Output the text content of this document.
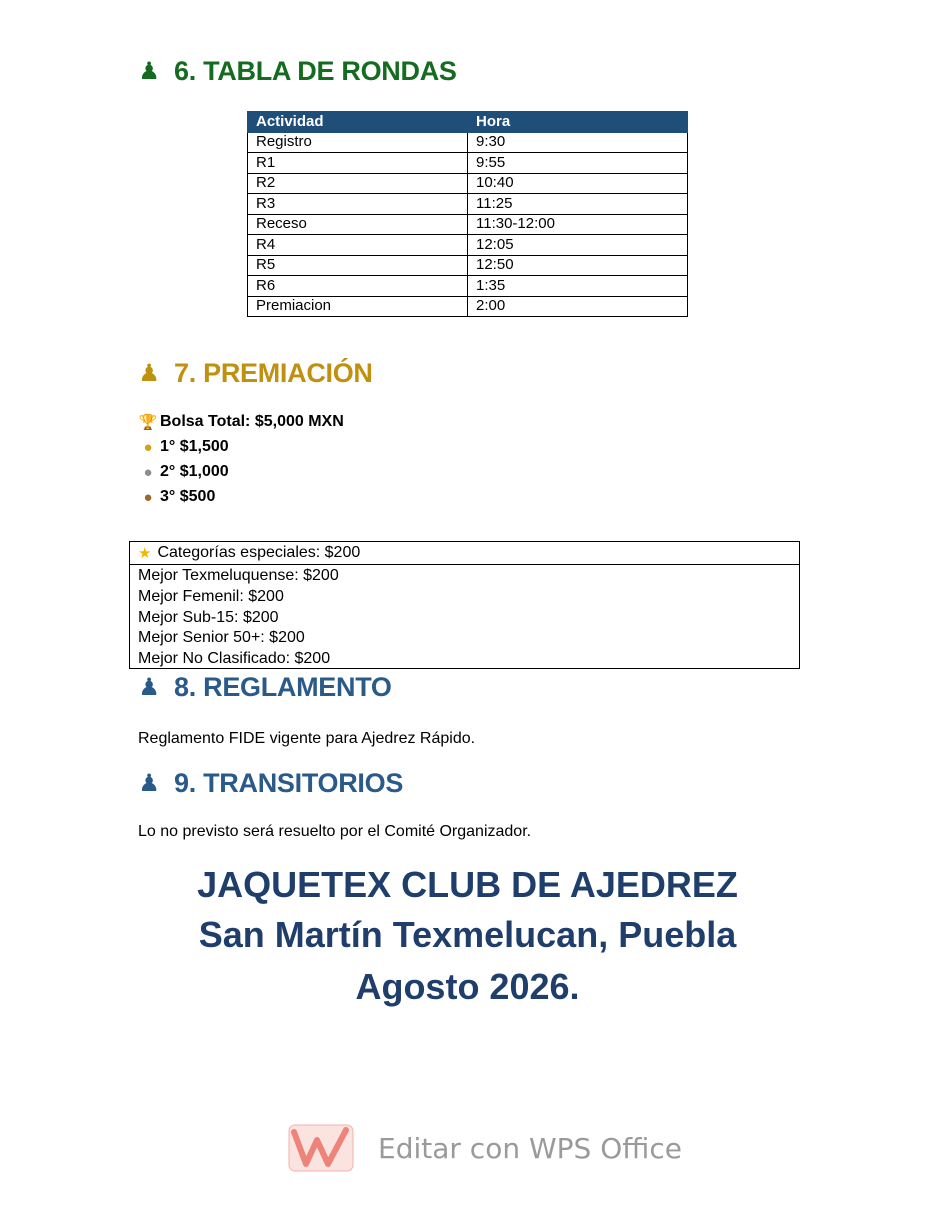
♟ 6. TABLA DE RONDAS
Actividad	Hora
Registro	9:30
R1	9:55
R2	10:40
R3	11:25
Receso	11:30-12:00
R4	12:05
R5	12:50
R6	1:35
Premiacion	2:00
♟ 7. PREMIACIÓN
🏆 Bolsa Total: $5,000 MXN
● 1° $1,500
● 2° $1,000
● 3° $500
★ Categorías especiales: $200
Mejor Texmeluquense: $200
Mejor Femenil: $200
Mejor Sub-15: $200
Mejor Senior 50+: $200
Mejor No Clasificado: $200
♟ 8. REGLAMENTO
Reglamento FIDE vigente para Ajedrez Rápido.
♟ 9. TRANSITORIOS
Lo no previsto será resuelto por el Comité Organizador.
JAQUETEX CLUB DE AJEDREZ
San Martín Texmelucan, Puebla
Agosto 2026.
Editar con WPS Office
